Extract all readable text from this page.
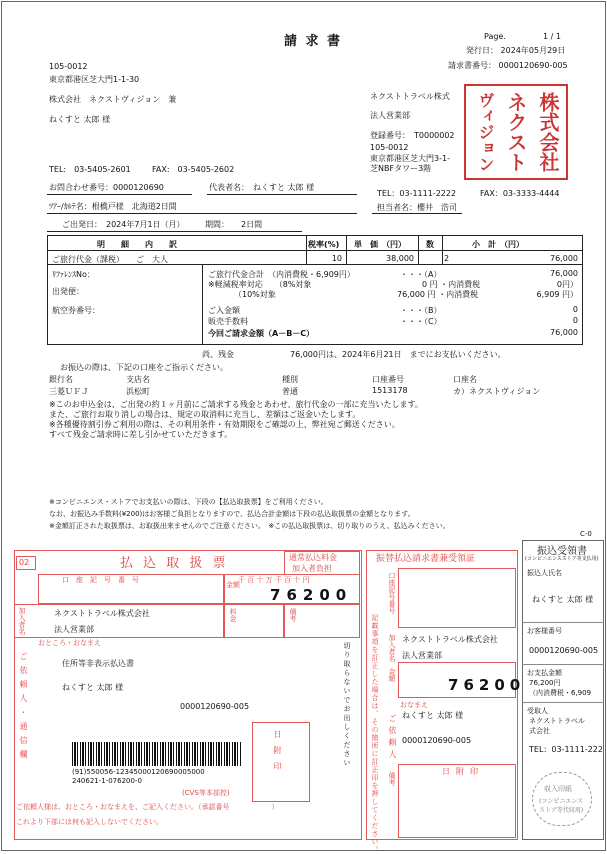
請 求 書	Page.	1 / 1
発行日： 2024年05月29日
請求書番号： 0000120690-005
105-0012
東京都港区芝大門1-1-30
株式会社　ネクストヴィジョン　兼
ねくすと 太郎 様
TEL:　03-5405-2601	FAX:　03-5405-2602
お問合わせ番号：0000120690	代表者名：　ねくすと 太郎 様
ネクストトラベル株式
法人営業部
登録番号：　T0000002
105-0012
東京都港区芝大門3-1-
芝NBFタワー3階
TEL：03-1111-2222	FAX：03-3333-4444
担当者名：櫻井　浩司
株式会社
ネクスト
ヴィジョン
ﾂｱｰ/ｶﾙﾃ名：根橋戸様　北海道2日間
ご出発日：　2024年7月1日（月）	期間：　　2日間
明　　細　　内　　訳	税率(%) 単　価　（円）	数	小　計　（円）
ご旅行代金（課税）　　ご　大人	10	38,000	2	76,000
ﾘﾌｧﾚﾝｽNo：
出発便：
航空券番号：
ご旅行代金合計　（内消費税・6,909円）	・・・（A）	76,000
※軽減税率対応　　（8%対象	0 円 ・内消費税	0円）
（10%対象	76,000 円 ・内消費税	6,909 円）
ご入金額	・・・（B）	0
販売手数料	・・・（C）	0
今回ご請求金額（A－B－C）	76,000
尚、残金　　　　　　　76,000円は、2024年6月21日　までにお支払いください。
お振込の際は、下記の口座をご指示ください。
銀行名	支店名	種別	口座番号	口座名
三菱ＵＦＪ	浜松町	普通	1513178	カ）ネクストヴィジョン
※このお申込金は、ご出発の約１ヶ月前にご請求する残金とあわせ、旅行代金の一部に充当いたします。
また、ご旅行お取り消しの場合は、規定の取消料に充当し、差額はご返金いたします。
※各種優待割引券ご利用の際は、その利用条件・有効期限をご確認の上、弊社宛ご郵送ください。
すべて残金ご請求時に差し引かせていただきます。
※コンビニエンス・ストアでお支払いの際は、下段の【払込取扱票】をご利用ください。
なお、お振込み手数料(¥200)はお客様ご負担となりますので、払込合計金額は下段の払込取扱票の金額となります。
※金額訂正された取扱票は、お取扱出来ませんのでご注意ください。　※この払込取扱票は、切り取りのうえ、払込みください。
02	払 込 取 扱 票	通常払込料金
加入者負担
口　座　記　号　番　号
金額
千 百 十 万 千 百 十 円
76200
加入者名	ネクストトラベル株式会社
法人営業部
料金	備考
おところ・おなまえ
ご依頼人・通信欄	住所等非表示払込書
ねくすと 太郎 様
0000120690-005
日附印
(91)550056-12345000120690005000
240621-1-076200-0
(CVS等本部控)
切り取らないでお出しください
ご依頼人様は、おところ・おなまえを、ご記入ください。（承認番号　　　　　　）
これより下部には何も記入しないでください。
振替払込請求書兼受領証
記載事項を訂正した場合は、その箇所に訂正印を押してください。
口座記号番号
ネクストトラベル株式会社
法人営業部
加入者名
金額
76200
おなまえ
ねくすと 太郎 様
0000120690-005
ご依頼人
日附印
備考
C-0
振込受領書
(コンビニエンスストア等支払用)
振込人氏名
ねくすと 太郎 様
お客様番号
0000120690-005
お支払金額
76,200円
（内消費税・6,909
受取人
ネクストトラベル
式会社
TEL：03-1111-222
収入印紙
(コンビニエンス
ストア等代収用)
